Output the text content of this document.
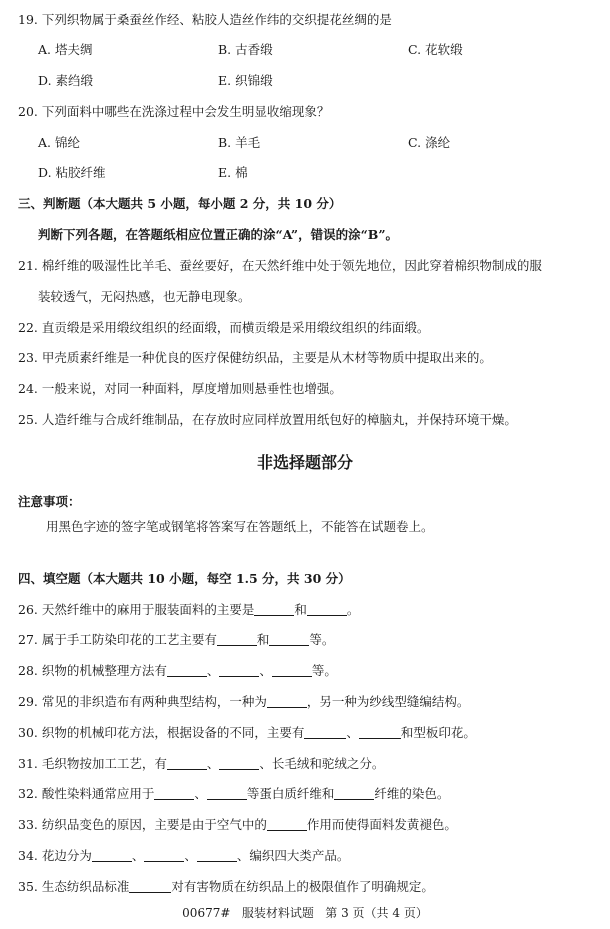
19. 下列织物属于桑蚕丝作经、粘胶人造丝作纬的交织提花丝绸的是
A. 塔夫绸	B. 古香缎	C. 花软缎
D. 素绉缎	E. 织锦缎
20. 下列面料中哪些在洗涤过程中会发生明显收缩现象？
A. 锦纶	B. 羊毛	C. 涤纶
D. 粘胶纤维	E. 棉
三、判断题（本大题共 5 小题，每小题 2 分，共 10 分）
判断下列各题，在答题纸相应位置正确的涂“A”，错误的涂“B”。
21. 棉纤维的吸湿性比羊毛、蚕丝要好，在天然纤维中处于领先地位，因此穿着棉织物制成的服
装较透气，无闷热感，也无静电现象。
22. 直贡缎是采用缎纹组织的经面缎，而横贡缎是采用缎纹组织的纬面缎。
23. 甲壳质素纤维是一种优良的医疗保健纺织品，主要是从木材等物质中提取出来的。
24. 一般来说，对同一种面料，厚度增加则悬垂性也增强。
25. 人造纤维与合成纤维制品，在存放时应同样放置用纸包好的樟脑丸，并保持环境干燥。
非选择题部分
注意事项：
用黑色字迹的签字笔或钢笔将答案写在答题纸上，不能答在试题卷上。
四、填空题（本大题共 10 小题，每空 1.5 分，共 30 分）
26. 天然纤维中的麻用于服装面料的主要是	和	。
27. 属于手工防染印花的工艺主要有	和	等。
28. 织物的机械整理方法有	、	、	等。
29. 常见的非织造布有两种典型结构，一种为	，另一种为纱线型缝编结构。
30. 织物的机械印花方法，根据设备的不同，主要有	、	和型板印花。
31. 毛织物按加工工艺，有	、	、长毛绒和驼绒之分。
32. 酸性染料通常应用于	、	等蛋白质纤维和	纤维的染色。
33. 纺织品变色的原因，主要是由于空气中的	作用而使得面料发黄褪色。
34. 花边分为	、	、	、编织四大类产品。
35. 生态纺织品标准	对有害物质在纺织品上的极限值作了明确规定。
00677#   服装材料试题   第 3 页（共 4 页）
